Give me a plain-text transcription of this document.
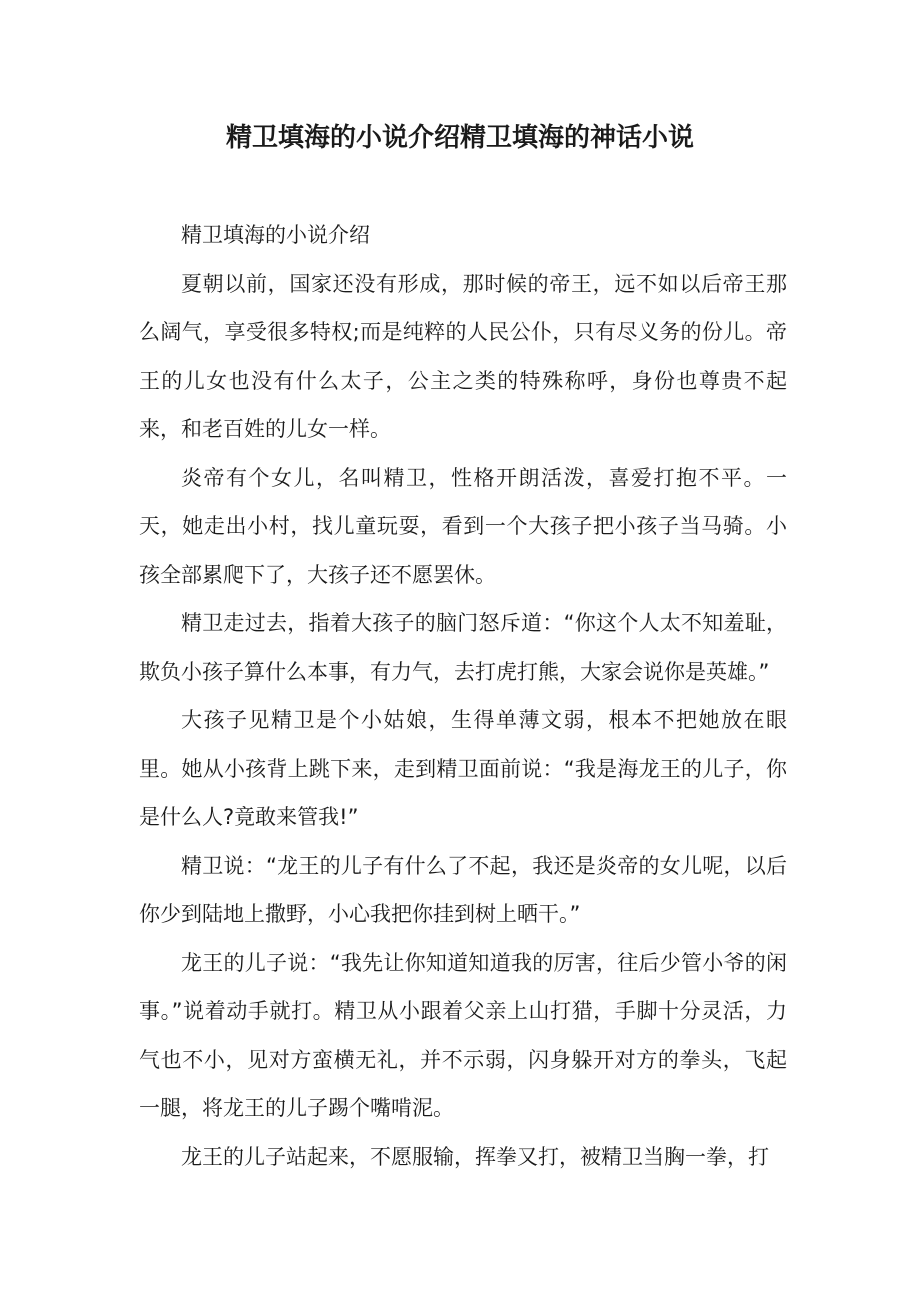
精卫填海的小说介绍精卫填海的神话小说

精卫填海的小说介绍

夏朝以前，国家还没有形成，那时候的帝王，远不如以后帝王那么阔气，享受很多特权;而是纯粹的人民公仆，只有尽义务的份儿。帝王的儿女也没有什么太子，公主之类的特殊称呼，身份也尊贵不起来，和老百姓的儿女一样。

炎帝有个女儿，名叫精卫，性格开朗活泼，喜爱打抱不平。一天，她走出小村，找儿童玩耍，看到一个大孩子把小孩子当马骑。小孩全部累爬下了，大孩子还不愿罢休。

精卫走过去，指着大孩子的脑门怒斥道：“你这个人太不知羞耻，欺负小孩子算什么本事，有力气，去打虎打熊，大家会说你是英雄。”

大孩子见精卫是个小姑娘，生得单薄文弱，根本不把她放在眼里。她从小孩背上跳下来，走到精卫面前说：“我是海龙王的儿子，你是什么人?竟敢来管我!”

精卫说：“龙王的儿子有什么了不起，我还是炎帝的女儿呢，以后你少到陆地上撒野，小心我把你挂到树上晒干。”

龙王的儿子说：“我先让你知道知道我的厉害，往后少管小爷的闲事。”说着动手就打。精卫从小跟着父亲上山打猎，手脚十分灵活，力气也不小，见对方蛮横无礼，并不示弱，闪身躲开对方的拳头，飞起一腿，将龙王的儿子踢个嘴啃泥。

龙王的儿子站起来，不愿服输，挥拳又打，被精卫当胸一拳，打
